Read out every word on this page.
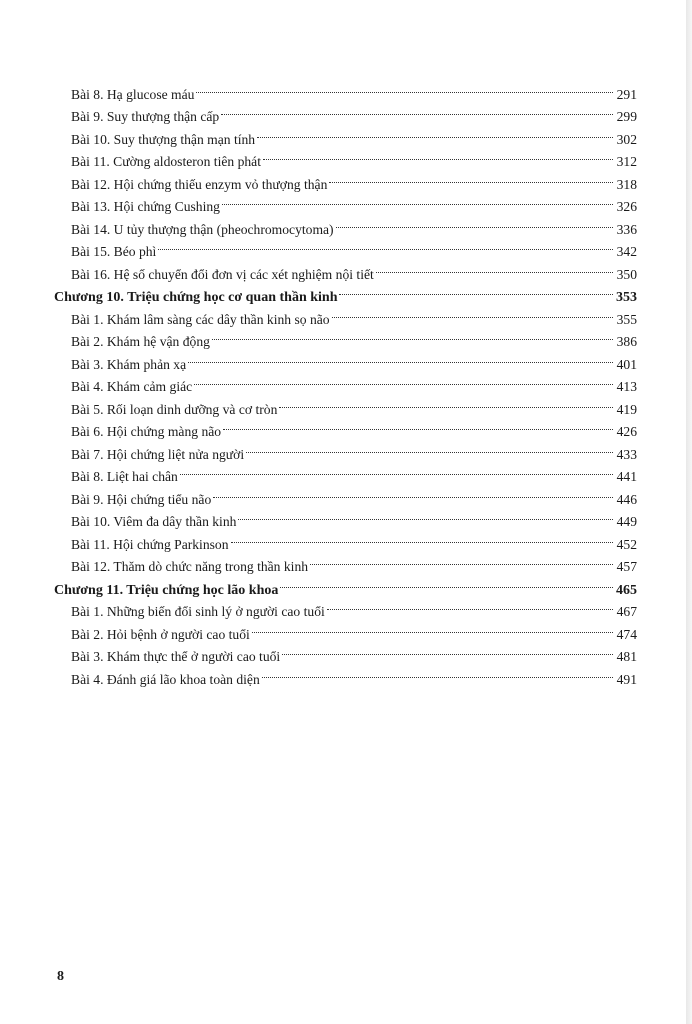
Bài 8. Hạ glucose máu	291
Bài 9. Suy thượng thận cấp	299
Bài 10. Suy thượng thận mạn tính	302
Bài 11. Cường aldosteron tiên phát	312
Bài 12. Hội chứng thiếu enzym vỏ thượng thận	318
Bài 13. Hội chứng Cushing	326
Bài 14. U tủy thượng thận (pheochromocytoma)	336
Bài 15. Béo phì	342
Bài 16. Hệ số chuyển đổi đơn vị các xét nghiệm nội tiết	350
Chương 10. Triệu chứng học cơ quan thần kinh	353
Bài 1. Khám lâm sàng các dây thần kinh sọ não	355
Bài 2. Khám hệ vận động	386
Bài 3. Khám phản xạ	401
Bài 4. Khám cảm giác	413
Bài 5. Rối loạn dinh dưỡng và cơ tròn	419
Bài 6. Hội chứng màng não	426
Bài 7. Hội chứng liệt nửa người	433
Bài 8. Liệt hai chân	441
Bài 9. Hội chứng tiểu não	446
Bài 10. Viêm đa dây thần kinh	449
Bài 11. Hội chứng Parkinson	452
Bài 12. Thăm dò chức năng trong thần kinh	457
Chương 11. Triệu chứng học lão khoa	465
Bài 1. Những biến đổi sinh lý ở người cao tuổi	467
Bài 2. Hỏi bệnh ở người cao tuổi	474
Bài 3. Khám thực thể ở người cao tuổi	481
Bài 4. Đánh giá lão khoa toàn diện	491
8
